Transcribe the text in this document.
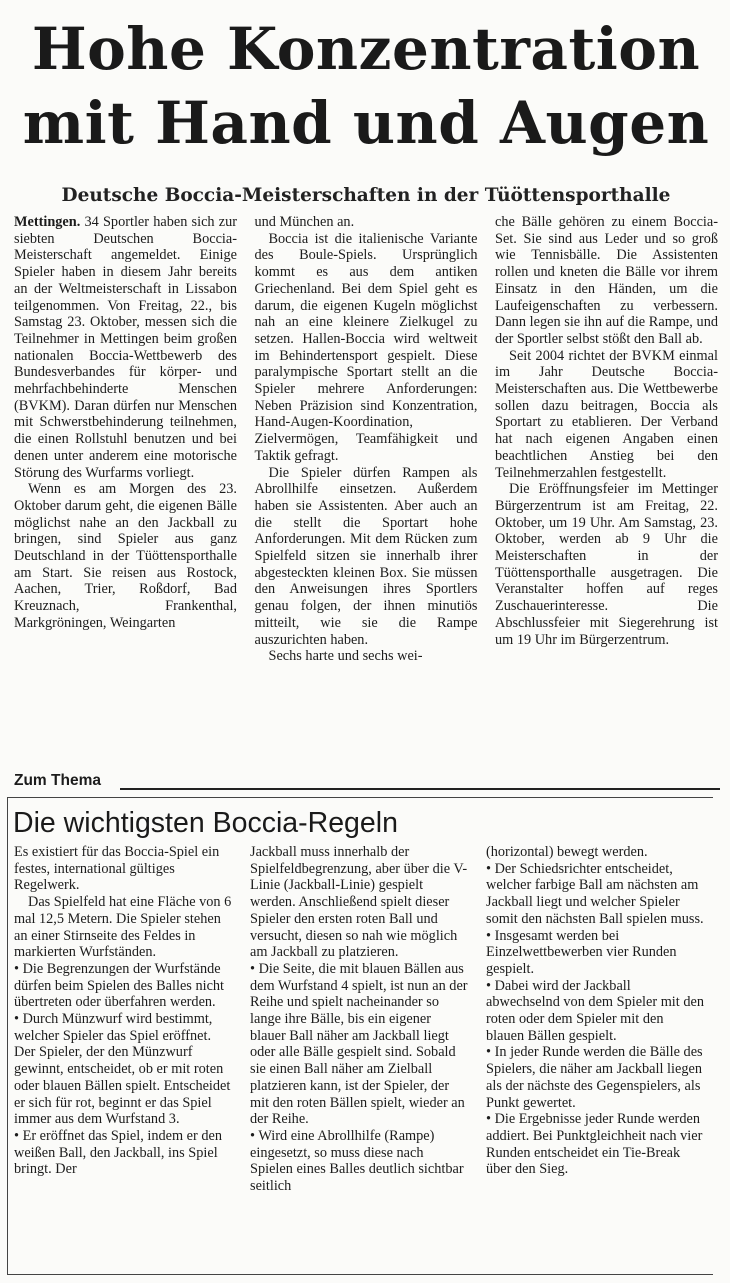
Hohe Konzentration
mit Hand und Augen
Deutsche Boccia-Meisterschaften in der Tüöttensporthalle

Mettingen. 34 Sportler haben sich zur siebten Deutschen Boccia-Meisterschaft angemeldet. Einige Spieler haben in diesem Jahr bereits an der Weltmeisterschaft in Lissabon teilgenommen. Von Freitag, 22., bis Samstag 23. Oktober, messen sich die Teilnehmer in Mettingen beim großen nationalen Boccia-Wettbewerb des Bundesverbandes für körper- und mehrfachbehinderte Menschen (BVKM). Daran dürfen nur Menschen mit Schwerstbehinderung teilnehmen, die einen Rollstuhl benutzen und bei denen unter anderem eine motorische Störung des Wurfarms vorliegt.

Wenn es am Morgen des 23. Oktober darum geht, die eigenen Bälle möglichst nahe an den Jackball zu bringen, sind Spieler aus ganz Deutschland in der Tüöttensporthalle am Start. Sie reisen aus Rostock, Aachen, Trier, Roßdorf, Bad Kreuznach, Frankenthal, Markgröningen, Weingarten

und München an.

Boccia ist die italienische Variante des Boule-Spiels. Ursprünglich kommt es aus dem antiken Griechenland. Bei dem Spiel geht es darum, die eigenen Kugeln möglichst nah an eine kleinere Zielkugel zu setzen. Hallen-Boccia wird weltweit im Behindertensport gespielt. Diese paralympische Sportart stellt an die Spieler mehrere Anforderungen: Neben Präzision sind Konzentration, Hand-Augen-Koordination, Zielvermögen, Teamfähigkeit und Taktik gefragt.

Die Spieler dürfen Rampen als Abrollhilfe einsetzen. Außerdem haben sie Assistenten. Aber auch an die stellt die Sportart hohe Anforderungen. Mit dem Rücken zum Spielfeld sitzen sie innerhalb ihrer abgesteckten kleinen Box. Sie müssen den Anweisungen ihres Sportlers genau folgen, der ihnen minutiös mitteilt, wie sie die Rampe auszurichten haben.

Sechs harte und sechs wei-

che Bälle gehören zu einem Boccia-Set. Sie sind aus Leder und so groß wie Tennisbälle. Die Assistenten rollen und kneten die Bälle vor ihrem Einsatz in den Händen, um die Laufeigenschaften zu verbessern. Dann legen sie ihn auf die Rampe, und der Sportler selbst stößt den Ball ab.

Seit 2004 richtet der BVKM einmal im Jahr Deutsche Boccia-Meisterschaften aus. Die Wettbewerbe sollen dazu beitragen, Boccia als Sportart zu etablieren. Der Verband hat nach eigenen Angaben einen beachtlichen Anstieg bei den Teilnehmerzahlen festgestellt.

Die Eröffnungsfeier im Mettinger Bürgerzentrum ist am Freitag, 22. Oktober, um 19 Uhr. Am Samstag, 23. Oktober, werden ab 9 Uhr die Meisterschaften in der Tüöttensporthalle ausgetragen. Die Veranstalter hoffen auf reges Zuschauerinteresse. Die Abschlussfeier mit Siegerehrung ist um 19 Uhr im Bürgerzentrum.

Zum Thema
Die wichtigsten Boccia-Regeln

Es existiert für das Boccia-Spiel ein festes, international gültiges Regelwerk.

Das Spielfeld hat eine Fläche von 6 mal 12,5 Metern. Die Spieler stehen an einer Stirnseite des Feldes in markierten Wurfständen.

• Die Begrenzungen der Wurfstände dürfen beim Spielen des Balles nicht übertreten oder überfahren werden.

• Durch Münzwurf wird bestimmt, welcher Spieler das Spiel eröffnet. Der Spieler, der den Münzwurf gewinnt, entscheidet, ob er mit roten oder blauen Bällen spielt. Entscheidet er sich für rot, beginnt er das Spiel immer aus dem Wurfstand 3.

• Er eröffnet das Spiel, indem er den weißen Ball, den Jackball, ins Spiel bringt. Der

Jackball muss innerhalb der Spielfeldbegrenzung, aber über die V-Linie (Jackball-Linie) gespielt werden. Anschließend spielt dieser Spieler den ersten roten Ball und versucht, diesen so nah wie möglich am Jackball zu platzieren.

• Die Seite, die mit blauen Bällen aus dem Wurfstand 4 spielt, ist nun an der Reihe und spielt nacheinander so lange ihre Bälle, bis ein eigener blauer Ball näher am Jackball liegt oder alle Bälle gespielt sind. Sobald sie einen Ball näher am Zielball platzieren kann, ist der Spieler, der mit den roten Bällen spielt, wieder an der Reihe.

• Wird eine Abrollhilfe (Rampe) eingesetzt, so muss diese nach Spielen eines Balles deutlich sichtbar seitlich

(horizontal) bewegt werden.

• Der Schiedsrichter entscheidet, welcher farbige Ball am nächsten am Jackball liegt und welcher Spieler somit den nächsten Ball spielen muss.

• Insgesamt werden bei Einzelwettbewerben vier Runden gespielt.

• Dabei wird der Jackball abwechselnd von dem Spieler mit den roten oder dem Spieler mit den blauen Bällen gespielt.

• In jeder Runde werden die Bälle des Spielers, die näher am Jackball liegen als der nächste des Gegenspielers, als Punkt gewertet.

• Die Ergebnisse jeder Runde werden addiert. Bei Punktgleichheit nach vier Runden entscheidet ein Tie-Break über den Sieg.
